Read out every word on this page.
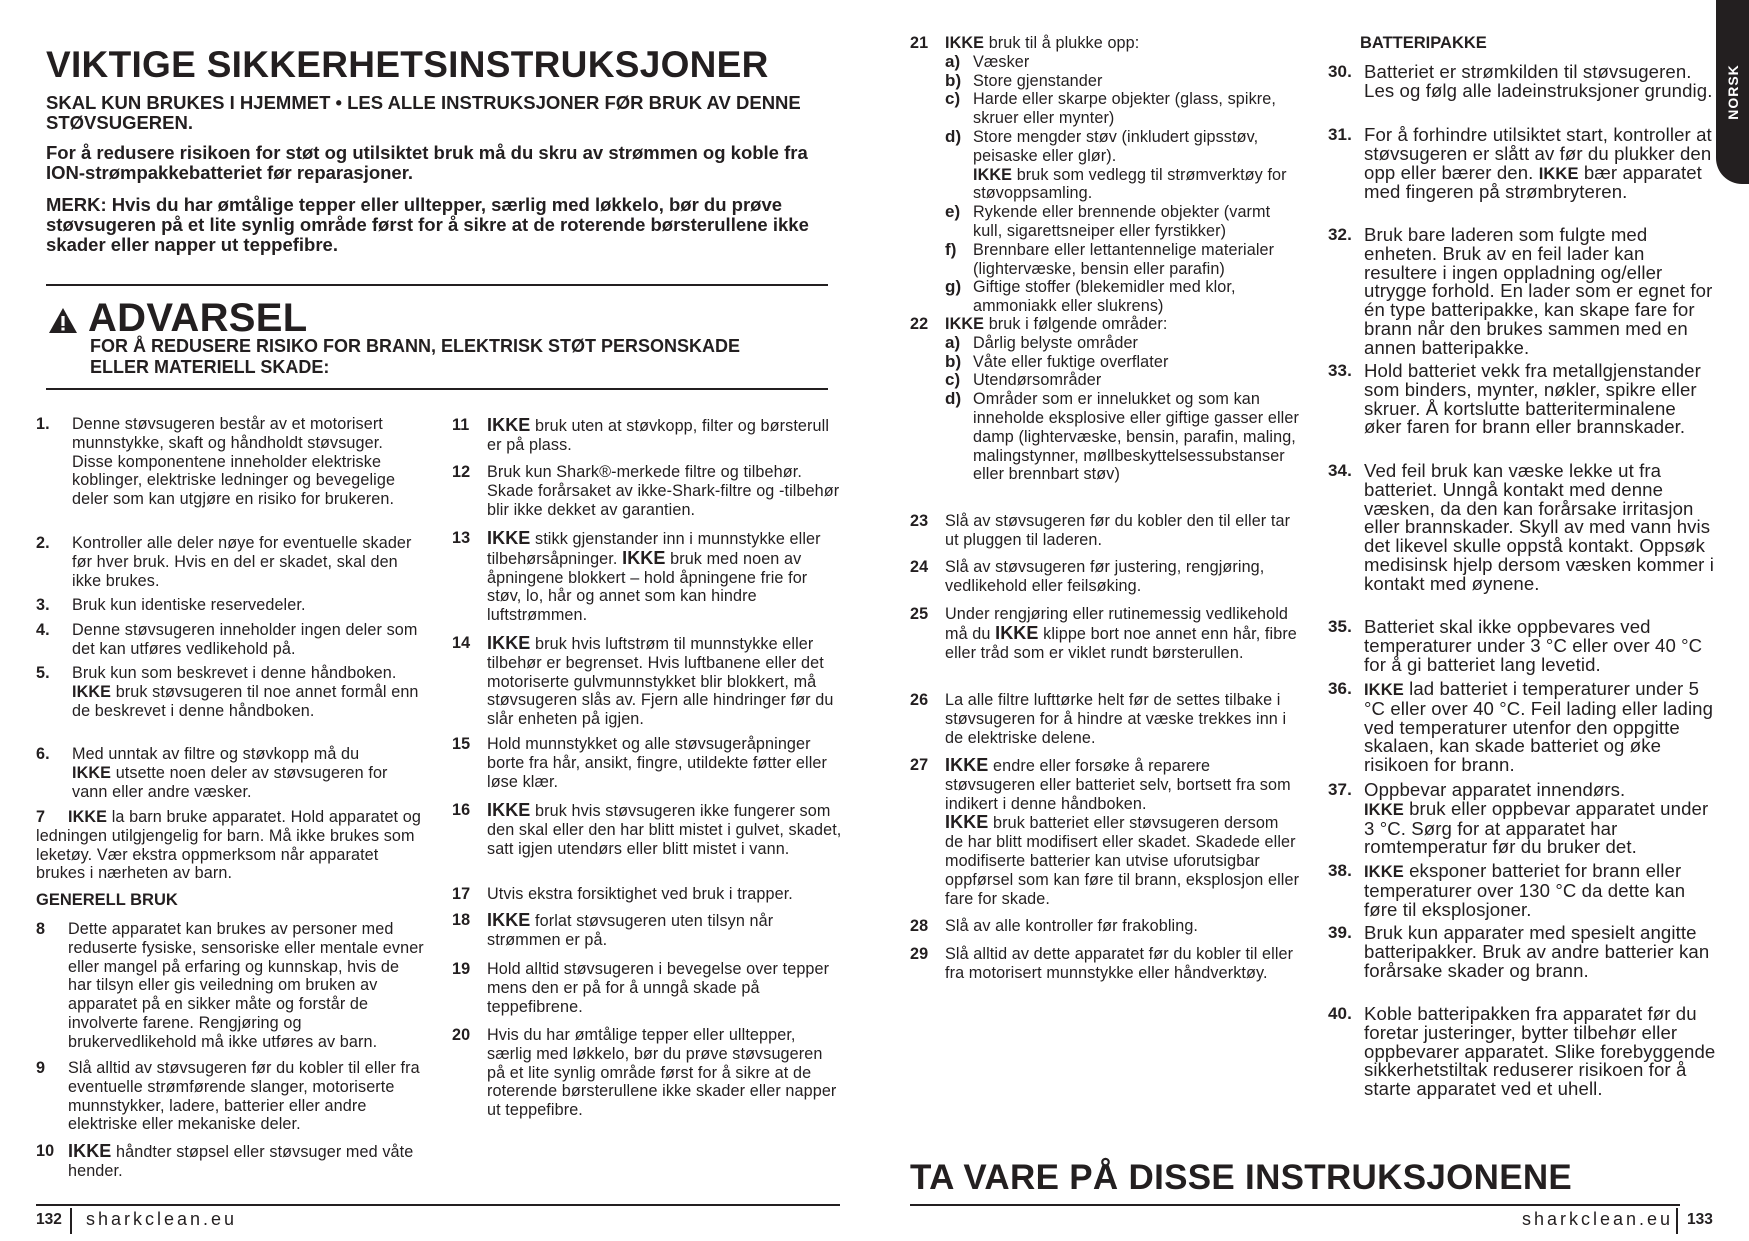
VIKTIGE SIKKERHETSINSTRUKSJONER
SKAL KUN BRUKES I HJEMMET • LES ALLE INSTRUKSJONER FØR BRUK AV DENNE STØVSUGEREN.
For å redusere risikoen for støt og utilsiktet bruk må du skru av strømmen og koble fra ION-strømpakkebatteriet før reparasjoner.
MERK: Hvis du har ømtålige tepper eller ulltepper, særlig med løkkelo, bør du prøve støvsugeren på et lite synlig område først for å sikre at de roterende børsterullene ikke skader eller napper ut teppefibre.
ADVARSEL
FOR Å REDUSERE RISIKO FOR BRANN, ELEKTRISK STØT PERSONSKADE ELLER MATERIELL SKADE:
1. Denne støvsugeren består av et motorisert munnstykke, skaft og håndholdt støvsuger. Disse komponentene inneholder elektriske koblinger, elektriske ledninger og bevegelige deler som kan utgjøre en risiko for brukeren.
2. Kontroller alle deler nøye for eventuelle skader før hver bruk. Hvis en del er skadet, skal den ikke brukes.
3. Bruk kun identiske reservedeler.
4. Denne støvsugeren inneholder ingen deler som det kan utføres vedlikehold på.
5. Bruk kun som beskrevet i denne håndboken.
IKKE bruk støvsugeren til noe annet formål enn de beskrevet i denne håndboken.
6. Med unntak av filtre og støvkopp må du
IKKE utsette noen deler av støvsugeren for vann eller andre væsker.
7 IKKE la barn bruke apparatet. Hold apparatet og ledningen utilgjengelig for barn. Må ikke brukes som leketøy. Vær ekstra oppmerksom når apparatet brukes i nærheten av barn.
GENERELL BRUK
8 Dette apparatet kan brukes av personer med reduserte fysiske, sensoriske eller mentale evner eller mangel på erfaring og kunnskap, hvis de har tilsyn eller gis veiledning om bruken av apparatet på en sikker måte og forstår de involverte farene. Rengjøring og brukervedlikehold må ikke utføres av barn.
9 Slå alltid av støvsugeren før du kobler til eller fra eventuelle strømførende slanger, motoriserte munnstykker, ladere, batterier eller andre elektriske eller mekaniske deler.
10 IKKE håndter støpsel eller støvsuger med våte hender.
11 IKKE bruk uten at støvkopp, filter og børsterull er på plass.
12 Bruk kun Shark®-merkede filtre og tilbehør. Skade forårsaket av ikke-Shark-filtre og -tilbehør blir ikke dekket av garantien.
13 IKKE stikk gjenstander inn i munnstykke eller tilbehørsåpninger. IKKE bruk med noen av åpningene blokkert – hold åpningene frie for støv, lo, hår og annet som kan hindre luftstrømmen.
14 IKKE bruk hvis luftstrøm til munnstykke eller tilbehør er begrenset. Hvis luftbanene eller det motoriserte gulvmunnstykket blir blokkert, må støvsugeren slås av. Fjern alle hindringer før du slår enheten på igjen.
15 Hold munnstykket og alle støvsugeråpninger borte fra hår, ansikt, fingre, utildekte føtter eller løse klær.
16 IKKE bruk hvis støvsugeren ikke fungerer som den skal eller den har blitt mistet i gulvet, skadet, satt igjen utendørs eller blitt mistet i vann.
17 Utvis ekstra forsiktighet ved bruk i trapper.
18 IKKE forlat støvsugeren uten tilsyn når strømmen er på.
19 Hold alltid støvsugeren i bevegelse over tepper mens den er på for å unngå skade på teppefibrene.
20 Hvis du har ømtålige tepper eller ulltepper, særlig med løkkelo, bør du prøve støvsugeren på et lite synlig område først for å sikre at de roterende børsterullene ikke skader eller napper ut teppefibre.
132 sharkclean.eu
21 IKKE bruk til å plukke opp:
a) Væsker
b) Store gjenstander
c) Harde eller skarpe objekter (glass, spikre, skruer eller mynter)
d) Store mengder støv (inkludert gipsstøv, peisaske eller glør).
IKKE bruk som vedlegg til strømverktøy for støvoppsamling.
e) Rykende eller brennende objekter (varmt kull, sigarettsneiper eller fyrstikker)
f) Brennbare eller lettantennelige materialer (lightervæske, bensin eller parafin)
g) Giftige stoffer (blekemidler med klor, ammoniakk eller slukrens)
22 IKKE bruk i følgende områder:
a) Dårlig belyste områder
b) Våte eller fuktige overflater
c) Utendørsområder
d) Områder som er innelukket og som kan inneholde eksplosive eller giftige gasser eller damp (lightervæske, bensin, parafin, maling, malingstynner, møllbeskyttelsessubstanser eller brennbart støv)
23 Slå av støvsugeren før du kobler den til eller tar ut pluggen til laderen.
24 Slå av støvsugeren før justering, rengjøring, vedlikehold eller feilsøking.
25 Under rengjøring eller rutinemessig vedlikehold må du IKKE klippe bort noe annet enn hår, fibre eller tråd som er viklet rundt børsterullen.
26 La alle filtre lufttørke helt før de settes tilbake i støvsugeren for å hindre at væske trekkes inn i de elektriske delene.
27 IKKE endre eller forsøke å reparere støvsugeren eller batteriet selv, bortsett fra som indikert i denne håndboken.
IKKE bruk batteriet eller støvsugeren dersom de har blitt modifisert eller skadet. Skadede eller modifiserte batterier kan utvise uforutsigbar oppførsel som kan føre til brann, eksplosjon eller fare for skade.
28 Slå av alle kontroller før frakobling.
29 Slå alltid av dette apparatet før du kobler til eller fra motorisert munnstykke eller håndverktøy.
BATTERIPAKKE
30. Batteriet er strømkilden til støvsugeren. Les og følg alle ladeinstruksjoner grundig.
31. For å forhindre utilsiktet start, kontroller at støvsugeren er slått av før du plukker den opp eller bærer den. IKKE bær apparatet med fingeren på strømbryteren.
32. Bruk bare laderen som fulgte med enheten. Bruk av en feil lader kan resultere i ingen oppladning og/eller utrygge forhold. En lader som er egnet for én type batteripakke, kan skape fare for brann når den brukes sammen med en annen batteripakke.
33. Hold batteriet vekk fra metallgjenstander som binders, mynter, nøkler, spikre eller skruer. Å kortslutte batteriterminalene øker faren for brann eller brannskader.
34. Ved feil bruk kan væske lekke ut fra batteriet. Unngå kontakt med denne væsken, da den kan forårsake irritasjon eller brannskader. Skyll av med vann hvis det likevel skulle oppstå kontakt. Oppsøk medisinsk hjelp dersom væsken kommer i kontakt med øynene.
35. Batteriet skal ikke oppbevares ved temperaturer under 3 °C eller over 40 °C for å gi batteriet lang levetid.
36. IKKE lad batteriet i temperaturer under 5 °C eller over 40 °C. Feil lading eller lading ved temperaturer utenfor den oppgitte skalaen, kan skade batteriet og øke risikoen for brann.
37. Oppbevar apparatet innendørs.
IKKE bruk eller oppbevar apparatet under 3 °C. Sørg for at apparatet har romtemperatur før du bruker det.
38. IKKE eksponer batteriet for brann eller temperaturer over 130 °C da dette kan føre til eksplosjoner.
39. Bruk kun apparater med spesielt angitte batteripakker. Bruk av andre batterier kan forårsake skader og brann.
40. Koble batteripakken fra apparatet før du foretar justeringer, bytter tilbehør eller oppbevarer apparatet. Slike forebyggende sikkerhetstiltak reduserer risikoen for å starte apparatet ved et uhell.
TA VARE PÅ DISSE INSTRUKSJONENE
sharkclean.eu 133
NORSK
